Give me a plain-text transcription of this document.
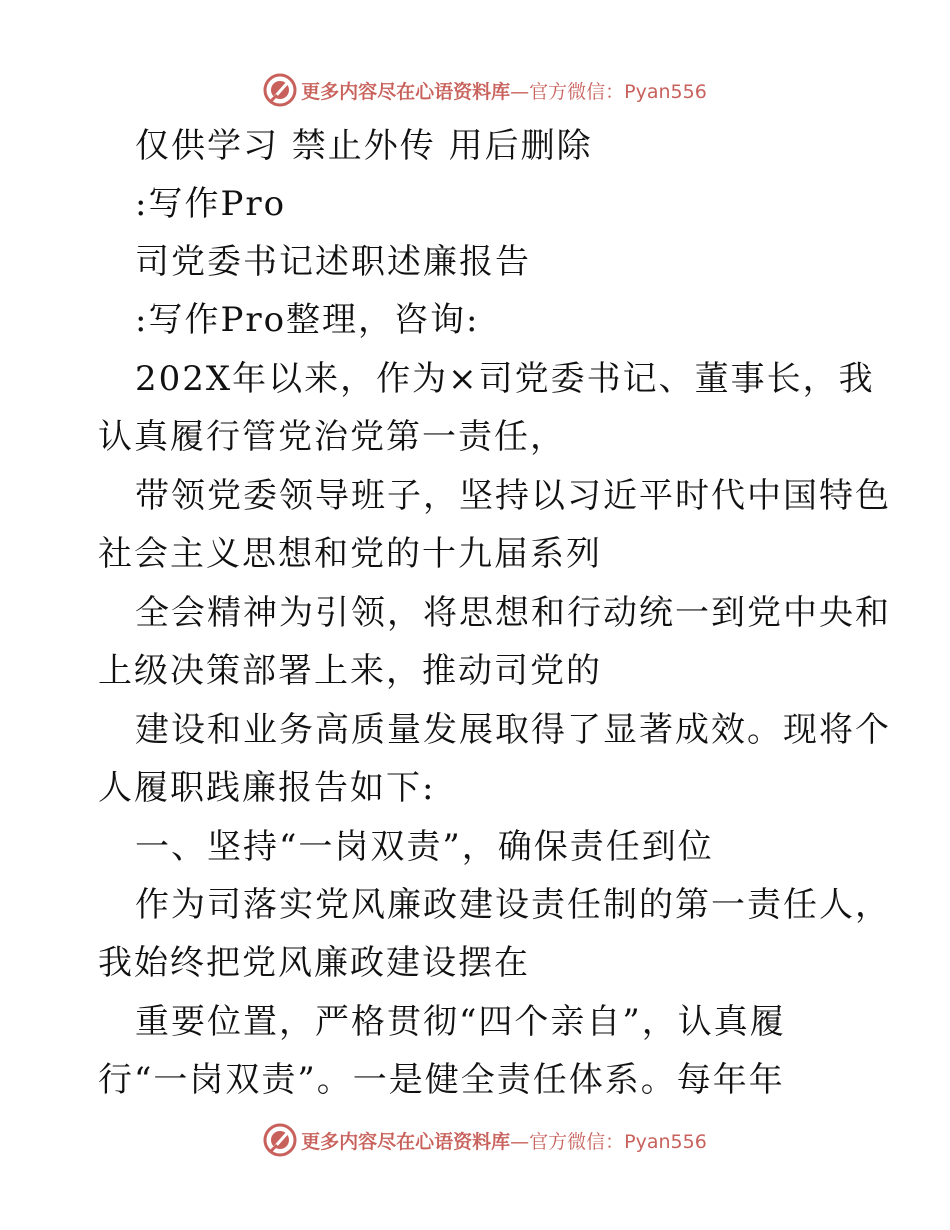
更多内容尽在心语资料库—官方微信：Pyan556
仅供学习 禁止外传 用后删除
:写作Pro
司党委书记述职述廉报告
:写作Pro整理，咨询:
202X年以来，作为×司党委书记、董事长，我
认真履行管党治党第一责任，
带领党委领导班子，坚持以习近平时代中国特色
社会主义思想和党的十九届系列
全会精神为引领，将思想和行动统一到党中央和
上级决策部署上来，推动司党的
建设和业务高质量发展取得了显著成效。现将个
人履职践廉报告如下:
一、坚持“一岗双责”，确保责任到位
作为司落实党风廉政建设责任制的第一责任人，
我始终把党风廉政建设摆在
重要位置，严格贯彻“四个亲自”，认真履
行“一岗双责”。一是健全责任体系。每年年
更多内容尽在心语资料库—官方微信：Pyan556
